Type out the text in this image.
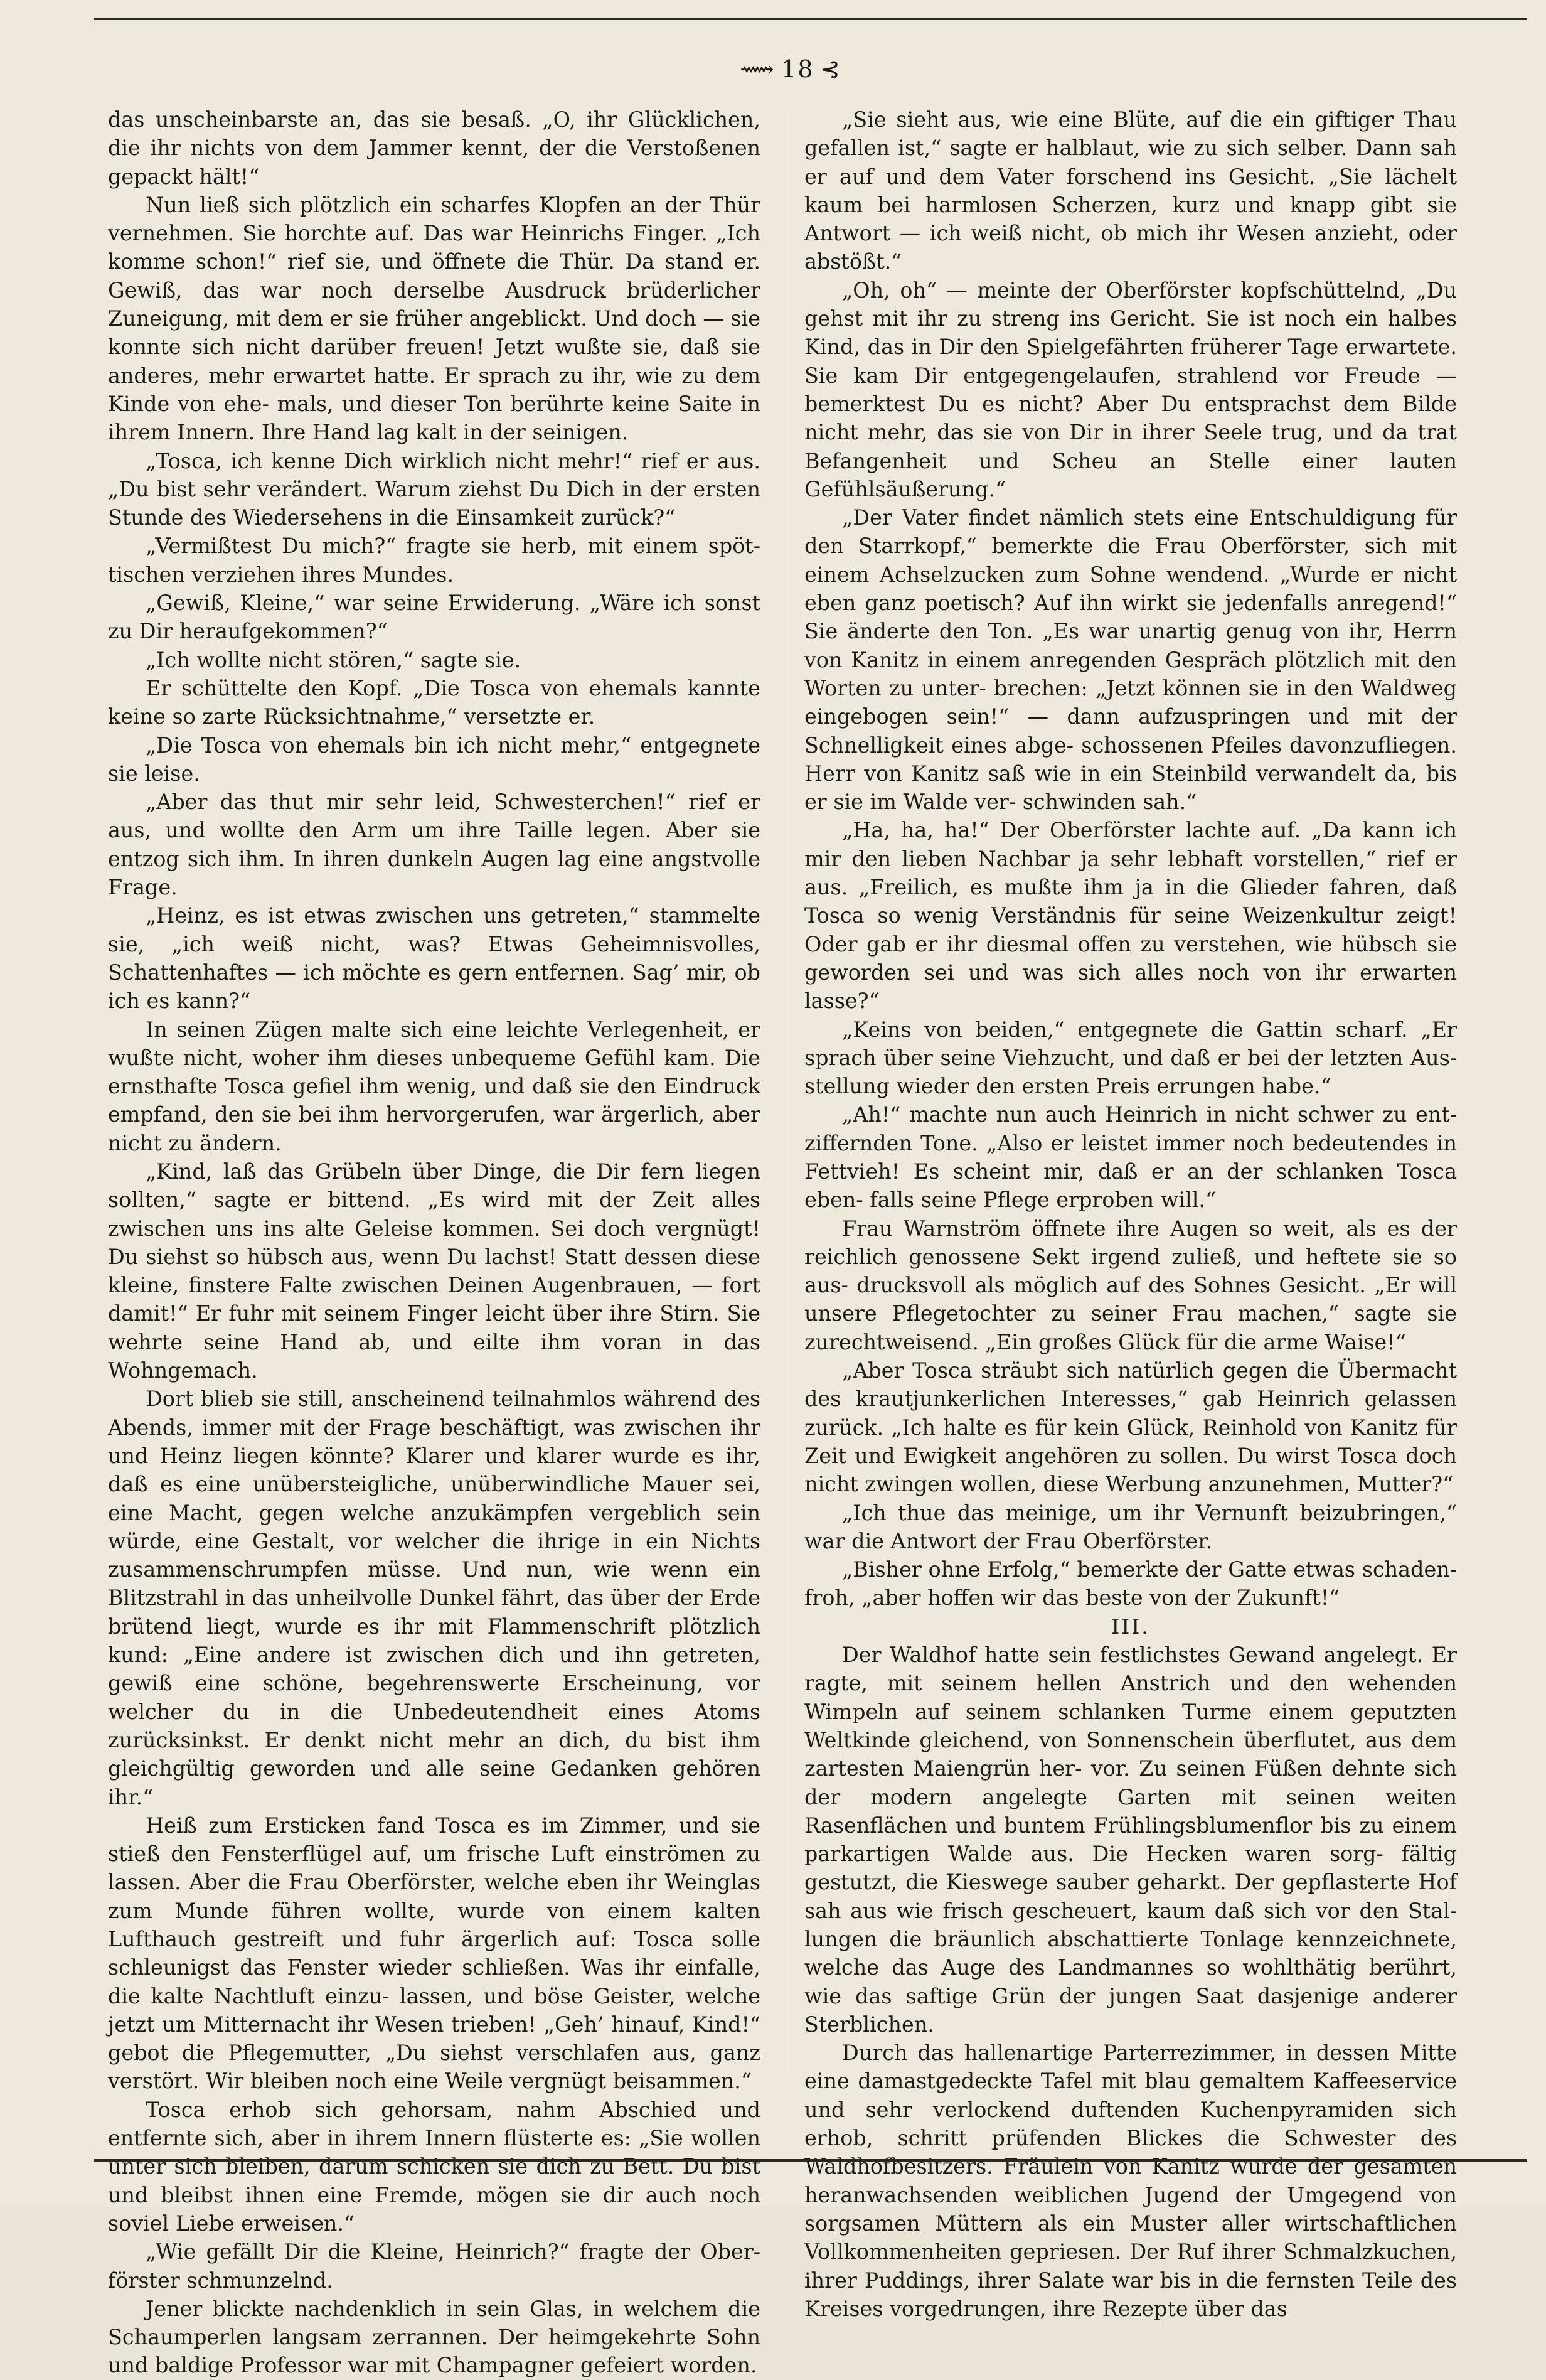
⟿ 18 ⊰

das unscheinbarste an, das sie besaß. „O, ihr Glücklichen, die ihr nichts von dem Jammer kennt, der die Verstoßenen gepackt hält!“

Nun ließ sich plötzlich ein scharfes Klopfen an der Thür vernehmen. Sie horchte auf. Das war Heinrichs Finger. „Ich komme schon!“ rief sie, und öffnete die Thür. Da stand er. Gewiß, das war noch derselbe Ausdruck brüderlicher Zuneigung, mit dem er sie früher angeblickt. Und doch — sie konnte sich nicht darüber freuen! Jetzt wußte sie, daß sie anderes, mehr erwartet hatte. Er sprach zu ihr, wie zu dem Kinde von ehe- mals, und dieser Ton berührte keine Saite in ihrem Innern. Ihre Hand lag kalt in der seinigen.

„Tosca, ich kenne Dich wirklich nicht mehr!“ rief er aus. „Du bist sehr verändert. Warum ziehst Du Dich in der ersten Stunde des Wiedersehens in die Einsamkeit zurück?“

„Vermißtest Du mich?“ fragte sie herb, mit einem spöt- tischen verziehen ihres Mundes.

„Gewiß, Kleine,“ war seine Erwiderung. „Wäre ich sonst zu Dir heraufgekommen?“

„Ich wollte nicht stören,“ sagte sie.

Er schüttelte den Kopf. „Die Tosca von ehemals kannte keine so zarte Rücksichtnahme,“ versetzte er.

„Die Tosca von ehemals bin ich nicht mehr,“ entgegnete sie leise.

„Aber das thut mir sehr leid, Schwesterchen!“ rief er aus, und wollte den Arm um ihre Taille legen. Aber sie entzog sich ihm. In ihren dunkeln Augen lag eine angstvolle Frage.

„Heinz, es ist etwas zwischen uns getreten,“ stammelte sie, „ich weiß nicht, was? Etwas Geheimnisvolles, Schattenhaftes — ich möchte es gern entfernen. Sag’ mir, ob ich es kann?“

In seinen Zügen malte sich eine leichte Verlegenheit, er wußte nicht, woher ihm dieses unbequeme Gefühl kam. Die ernsthafte Tosca gefiel ihm wenig, und daß sie den Eindruck empfand, den sie bei ihm hervorgerufen, war ärgerlich, aber nicht zu ändern.

„Kind, laß das Grübeln über Dinge, die Dir fern liegen sollten,“ sagte er bittend. „Es wird mit der Zeit alles zwischen uns ins alte Geleise kommen. Sei doch vergnügt! Du siehst so hübsch aus, wenn Du lachst! Statt dessen diese kleine, finstere Falte zwischen Deinen Augenbrauen, — fort damit!“ Er fuhr mit seinem Finger leicht über ihre Stirn. Sie wehrte seine Hand ab, und eilte ihm voran in das Wohngemach.

Dort blieb sie still, anscheinend teilnahmlos während des Abends, immer mit der Frage beschäftigt, was zwischen ihr und Heinz liegen könnte? Klarer und klarer wurde es ihr, daß es eine unübersteigliche, unüberwindliche Mauer sei, eine Macht, gegen welche anzukämpfen vergeblich sein würde, eine Gestalt, vor welcher die ihrige in ein Nichts zusammenschrumpfen müsse. Und nun, wie wenn ein Blitzstrahl in das unheilvolle Dunkel fährt, das über der Erde brütend liegt, wurde es ihr mit Flammenschrift plötzlich kund: „Eine andere ist zwischen dich und ihn getreten, gewiß eine schöne, begehrenswerte Erscheinung, vor welcher du in die Unbedeutendheit eines Atoms zurücksinkst. Er denkt nicht mehr an dich, du bist ihm gleichgültig geworden und alle seine Gedanken gehören ihr.“

Heiß zum Ersticken fand Tosca es im Zimmer, und sie stieß den Fensterflügel auf, um frische Luft einströmen zu lassen. Aber die Frau Oberförster, welche eben ihr Weinglas zum Munde führen wollte, wurde von einem kalten Lufthauch gestreift und fuhr ärgerlich auf: Tosca solle schleunigst das Fenster wieder schließen. Was ihr einfalle, die kalte Nachtluft einzu- lassen, und böse Geister, welche jetzt um Mitternacht ihr Wesen trieben! „Geh’ hinauf, Kind!“ gebot die Pflegemutter, „Du siehst verschlafen aus, ganz verstört. Wir bleiben noch eine Weile vergnügt beisammen.“

Tosca erhob sich gehorsam, nahm Abschied und entfernte sich, aber in ihrem Innern flüsterte es: „Sie wollen unter sich bleiben, darum schicken sie dich zu Bett. Du bist und bleibst ihnen eine Fremde, mögen sie dir auch noch soviel Liebe erweisen.“

„Wie gefällt Dir die Kleine, Heinrich?“ fragte der Ober- förster schmunzelnd.

Jener blickte nachdenklich in sein Glas, in welchem die Schaumperlen langsam zerrannen. Der heimgekehrte Sohn und baldige Professor war mit Champagner gefeiert worden.

„Sie sieht aus, wie eine Blüte, auf die ein giftiger Thau gefallen ist,“ sagte er halblaut, wie zu sich selber. Dann sah er auf und dem Vater forschend ins Gesicht. „Sie lächelt kaum bei harmlosen Scherzen, kurz und knapp gibt sie Antwort — ich weiß nicht, ob mich ihr Wesen anzieht, oder abstößt.“

„Oh, oh“ — meinte der Oberförster kopfschüttelnd, „Du gehst mit ihr zu streng ins Gericht. Sie ist noch ein halbes Kind, das in Dir den Spielgefährten früherer Tage erwartete. Sie kam Dir entgegengelaufen, strahlend vor Freude — bemerktest Du es nicht? Aber Du entsprachst dem Bilde nicht mehr, das sie von Dir in ihrer Seele trug, und da trat Befangenheit und Scheu an Stelle einer lauten Gefühlsäußerung.“

„Der Vater findet nämlich stets eine Entschuldigung für den Starrkopf,“ bemerkte die Frau Oberförster, sich mit einem Achselzucken zum Sohne wendend. „Wurde er nicht eben ganz poetisch? Auf ihn wirkt sie jedenfalls anregend!“ Sie änderte den Ton. „Es war unartig genug von ihr, Herrn von Kanitz in einem anregenden Gespräch plötzlich mit den Worten zu unter- brechen: „Jetzt können sie in den Waldweg eingebogen sein!“ — dann aufzuspringen und mit der Schnelligkeit eines abge- schossenen Pfeiles davonzufliegen. Herr von Kanitz saß wie in ein Steinbild verwandelt da, bis er sie im Walde ver- schwinden sah.“

„Ha, ha, ha!“ Der Oberförster lachte auf. „Da kann ich mir den lieben Nachbar ja sehr lebhaft vorstellen,“ rief er aus. „Freilich, es mußte ihm ja in die Glieder fahren, daß Tosca so wenig Verständnis für seine Weizenkultur zeigt! Oder gab er ihr diesmal offen zu verstehen, wie hübsch sie geworden sei und was sich alles noch von ihr erwarten lasse?“

„Keins von beiden,“ entgegnete die Gattin scharf. „Er sprach über seine Viehzucht, und daß er bei der letzten Aus- stellung wieder den ersten Preis errungen habe.“

„Ah!“ machte nun auch Heinrich in nicht schwer zu ent- ziffernden Tone. „Also er leistet immer noch bedeutendes in Fettvieh! Es scheint mir, daß er an der schlanken Tosca eben- falls seine Pflege erproben will.“

Frau Warnström öffnete ihre Augen so weit, als es der reichlich genossene Sekt irgend zuließ, und heftete sie so aus- drucksvoll als möglich auf des Sohnes Gesicht. „Er will unsere Pflegetochter zu seiner Frau machen,“ sagte sie zurechtweisend. „Ein großes Glück für die arme Waise!“

„Aber Tosca sträubt sich natürlich gegen die Übermacht des krautjunkerlichen Interesses,“ gab Heinrich gelassen zurück. „Ich halte es für kein Glück, Reinhold von Kanitz für Zeit und Ewigkeit angehören zu sollen. Du wirst Tosca doch nicht zwingen wollen, diese Werbung anzunehmen, Mutter?“

„Ich thue das meinige, um ihr Vernunft beizubringen,“ war die Antwort der Frau Oberförster.

„Bisher ohne Erfolg,“ bemerkte der Gatte etwas schaden- froh, „aber hoffen wir das beste von der Zukunft!“

III.

Der Waldhof hatte sein festlichstes Gewand angelegt. Er ragte, mit seinem hellen Anstrich und den wehenden Wimpeln auf seinem schlanken Turme einem geputzten Weltkinde gleichend, von Sonnenschein überflutet, aus dem zartesten Maiengrün her- vor. Zu seinen Füßen dehnte sich der modern angelegte Garten mit seinen weiten Rasenflächen und buntem Frühlingsblumenflor bis zu einem parkartigen Walde aus. Die Hecken waren sorg- fältig gestutzt, die Kieswege sauber geharkt. Der gepflasterte Hof sah aus wie frisch gescheuert, kaum daß sich vor den Stal- lungen die bräunlich abschattierte Tonlage kennzeichnete, welche das Auge des Landmannes so wohlthätig berührt, wie das saftige Grün der jungen Saat dasjenige anderer Sterblichen.

Durch das hallenartige Parterrezimmer, in dessen Mitte eine damastgedeckte Tafel mit blau gemaltem Kaffeeservice und sehr verlockend duftenden Kuchenpyramiden sich erhob, schritt prüfenden Blickes die Schwester des Waldhofbesitzers. Fräulein von Kanitz wurde der gesamten heranwachsenden weiblichen Jugend der Umgegend von sorgsamen Müttern als ein Muster aller wirtschaftlichen Vollkommenheiten gepriesen. Der Ruf ihrer Schmalzkuchen, ihrer Puddings, ihrer Salate war bis in die fernsten Teile des Kreises vorgedrungen, ihre Rezepte über das
